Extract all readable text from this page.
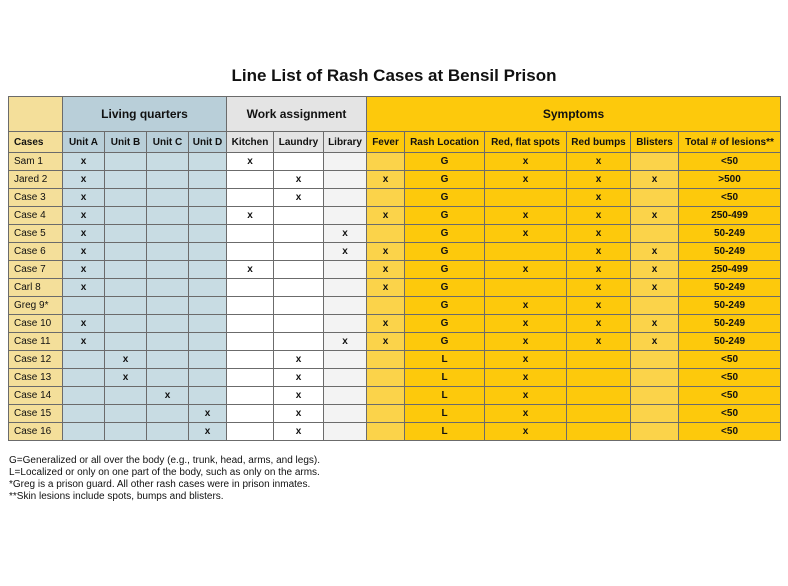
Line List of Rash Cases at Bensil Prison
	Living quarters				Work assignment			Symptoms					
Cases	Unit A	Unit B	Unit C	Unit D	Kitchen	Laundry	Library	Fever	Rash Location	Red, flat spots	Red bumps	Blisters	Total # of lesions**
Sam 1	x				x				G	x	x		<50
Jared 2	x					x		x	G	x	x	x	>500
Case 3	x					x			G		x		<50
Case 4	x				x			x	G	x	x	x	250-499
Case 5	x						x		G	x	x		50-249
Case 6	x						x	x	G		x	x	50-249
Case 7	x				x			x	G	x	x	x	250-499
Carl 8	x							x	G		x	x	50-249
Greg 9*									G	x	x		50-249
Case 10	x							x	G	x	x	x	50-249
Case 11	x						x	x	G	x	x	x	50-249
Case 12		x				x			L	x			<50
Case 13		x				x			L	x			<50
Case 14			x			x			L	x			<50
Case 15				x		x			L	x			<50
Case 16				x		x			L	x			<50
G=Generalized or all over the body (e.g., trunk, head, arms, and legs).
L=Localized or only on one part of the body, such as only on the arms.
*Greg is a prison guard. All other rash cases were in prison inmates.
**Skin lesions include spots, bumps and blisters.
